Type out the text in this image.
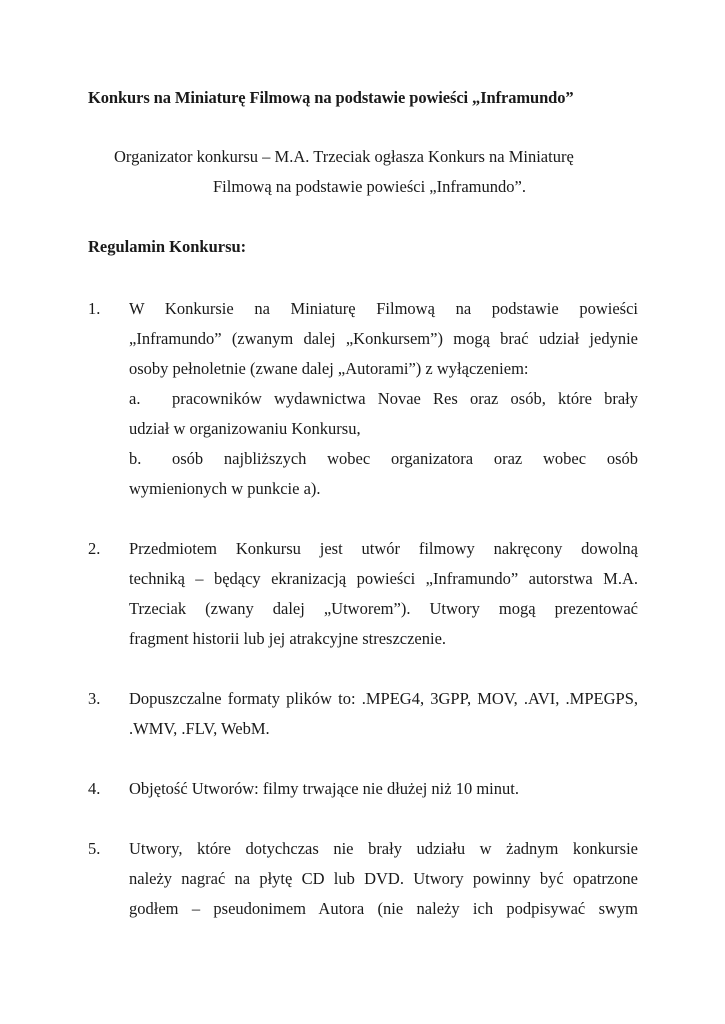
Konkurs na Miniaturę Filmową na podstawie powieści „Inframundo”
Organizator konkursu – M.A. Trzeciak ogłasza Konkurs na Miniaturę
Filmową na podstawie powieści „Inframundo”.
Regulamin Konkursu:
1.	W Konkursie na Miniaturę Filmową na podstawie powieści
„Inframundo” (zwanym dalej „Konkursem”) mogą brać udział jedynie
osoby pełnoletnie (zwane dalej „Autorami”) z wyłączeniem:
a.	pracowników wydawnictwa Novae Res oraz osób, które brały
udział w organizowaniu Konkursu,
b.	osób najbliższych wobec organizatora oraz wobec osób
wymienionych w punkcie a).
2.	Przedmiotem Konkursu jest utwór filmowy nakręcony dowolną
techniką – będący ekranizacją powieści „Inframundo” autorstwa M.A.
Trzeciak (zwany dalej „Utworem”). Utwory mogą prezentować
fragment historii lub jej atrakcyjne streszczenie.
3.	Dopuszczalne formaty plików to: .MPEG4, 3GPP, MOV, .AVI, .MPEGPS,
.WMV, .FLV, WebM.
4.	Objętość Utworów: filmy trwające nie dłużej niż 10 minut.
5.	Utwory, które dotychczas nie brały udziału w żadnym konkursie
należy nagrać na płytę CD lub DVD. Utwory powinny być opatrzone
godłem – pseudonimem Autora (nie należy ich podpisywać swym
